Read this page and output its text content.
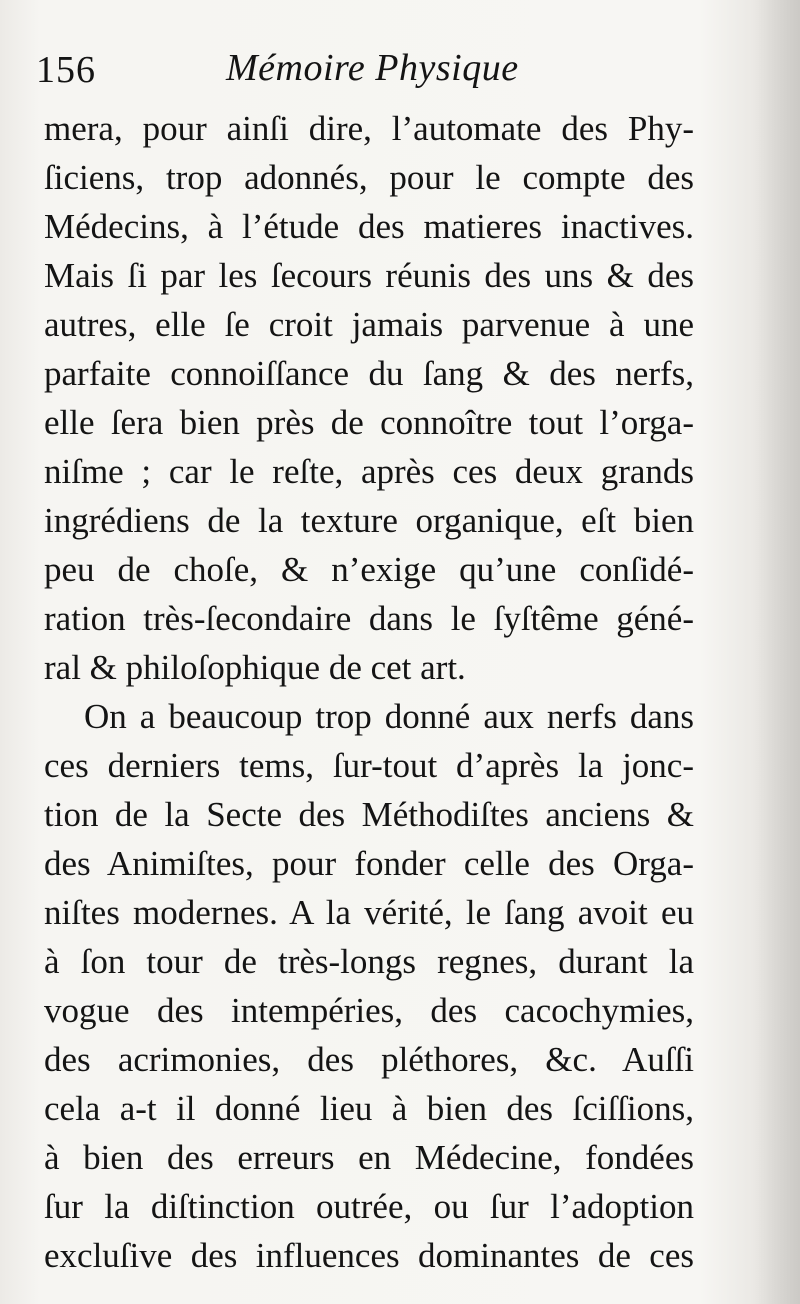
156	Mémoire Physique
mera, pour ainſi dire, l’automate des Phy-
ſiciens, trop adonnés, pour le compte des
Médecins, à l’étude des matieres inactives.
Mais ſi par les ſecours réunis des uns & des
autres, elle ſe croit jamais parvenue à une
parfaite connoiſſance du ſang & des nerfs,
elle ſera bien près de connoître tout l’orga-
niſme ; car le reſte, après ces deux grands
ingrédiens de la texture organique, eſt bien
peu de choſe, & n’exige qu’une conſidé-
ration très-ſecondaire dans le ſyſtême géné-
ral & philoſophique de cet art.
On a beaucoup trop donné aux nerfs dans
ces derniers tems, ſur-tout d’après la jonc-
tion de la Secte des Méthodiſtes anciens &
des Animiſtes, pour fonder celle des Orga-
niſtes modernes. A la vérité, le ſang avoit eu
à ſon tour de très-longs regnes, durant la
vogue des intempéries, des cacochymies,
des acrimonies, des pléthores, &c. Auſſi
cela a-t il donné lieu à bien des ſciſſions,
à bien des erreurs en Médecine, fondées
ſur la diſtinction outrée, ou ſur l’adoption
excluſive des influences dominantes de ces
